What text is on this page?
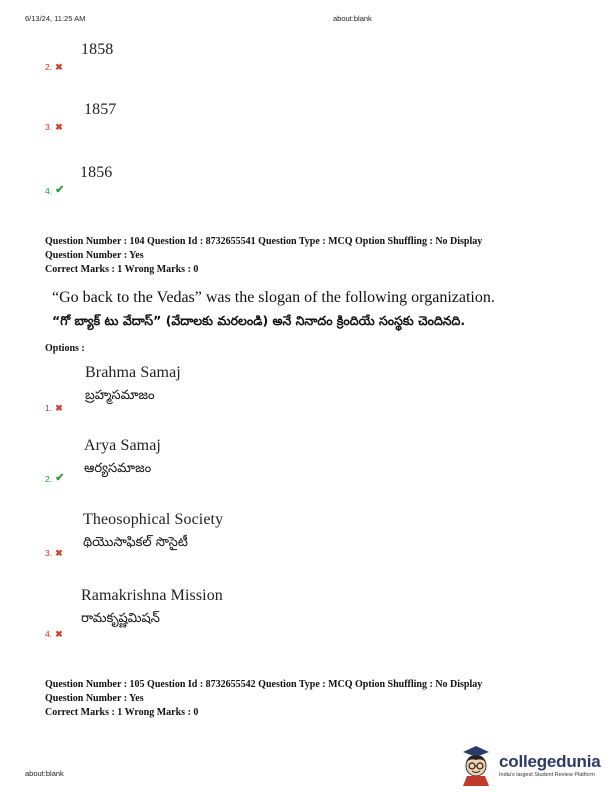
6/13/24, 11:25 AM	about:blank
1858
2. ✖
1857
3. ✖
1856
4. ✔
Question Number : 104 Question Id : 8732655541 Question Type : MCQ Option Shuffling : No Display
Question Number : Yes
Correct Marks : 1 Wrong Marks : 0
“Go back to the Vedas” was the slogan of the following organization.
“గో బ్యాక్ టు వేదాస్” (వేదాలకు మరలండి) అనే నినాదం క్రిందియే సంస్థకు చెందినది.
Options :
Brahma Samaj
బ్రహ్మసమాజం
1. ✖
Arya Samaj
ఆర్యసమాజం
2. ✔
Theosophical Society
థియొసాఫికల్ సొసైటీ
3. ✖
Ramakrishna Mission
రామకృష్ణమిషన్
4. ✖
Question Number : 105 Question Id : 8732655542 Question Type : MCQ Option Shuffling : No Display
Question Number : Yes
Correct Marks : 1 Wrong Marks : 0
about:blank
collegedunia
India's largest Student Review Platform
